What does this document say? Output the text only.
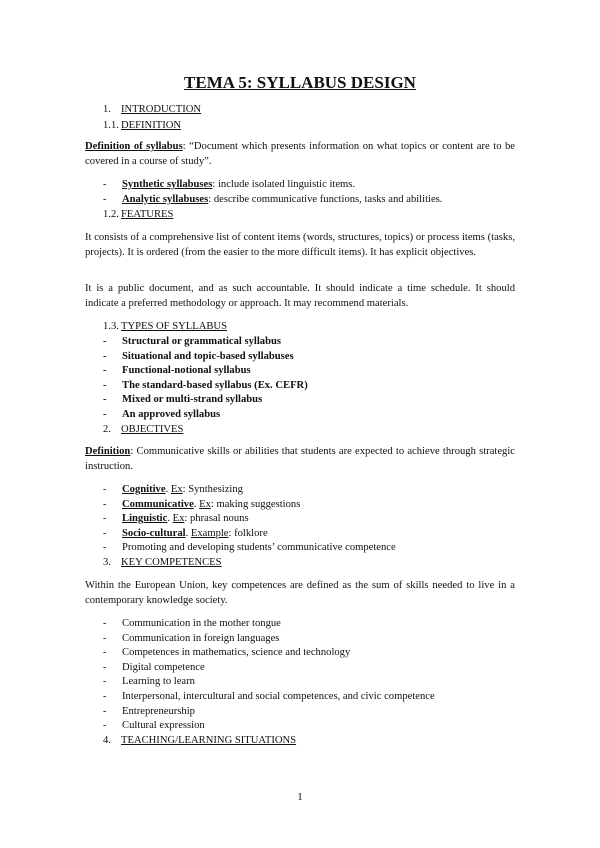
TEMA 5: SYLLABUS DESIGN
1. INTRODUCTION
1.1. DEFINITION
Definition of syllabus: “Document which presents information on what topics or content are to be covered in a course of study”.
- Synthetic syllabuses: include isolated linguistic items.
- Analytic syllabuses: describe communicative functions, tasks and abilities.
1.2. FEATURES
It consists of a comprehensive list of content items (words, structures, topics) or process items (tasks, projects). It is ordered (from the easier to the more difficult items). It has explicit objectives.
It is a public document, and as such accountable. It should indicate a time schedule. It should indicate a preferred methodology or approach. It may recommend materials.
1.3. TYPES OF SYLLABUS
- Structural or grammatical syllabus
- Situational and topic-based syllabuses
- Functional-notional syllabus
- The standard-based syllabus (Ex. CEFR)
- Mixed or multi-strand syllabus
- An approved syllabus
2. OBJECTIVES
Definition: Communicative skills or abilities that students are expected to achieve through strategic instruction.
- Cognitive. Ex: Synthesizing
- Communicative. Ex: making suggestions
- Linguistic. Ex: phrasal nouns
- Socio-cultural. Example: folklore
- Promoting and developing students’ communicative competence
3. KEY COMPETENCES
Within the European Union, key competences are defined as the sum of skills needed to live in a contemporary knowledge society.
- Communication in the mother tongue
- Communication in foreign languages
- Competences in mathematics, science and technology
- Digital competence
- Learning to learn
- Interpersonal, intercultural and social competences, and civic competence
- Entrepreneurship
- Cultural expression
4. TEACHING/LEARNING SITUATIONS
1
